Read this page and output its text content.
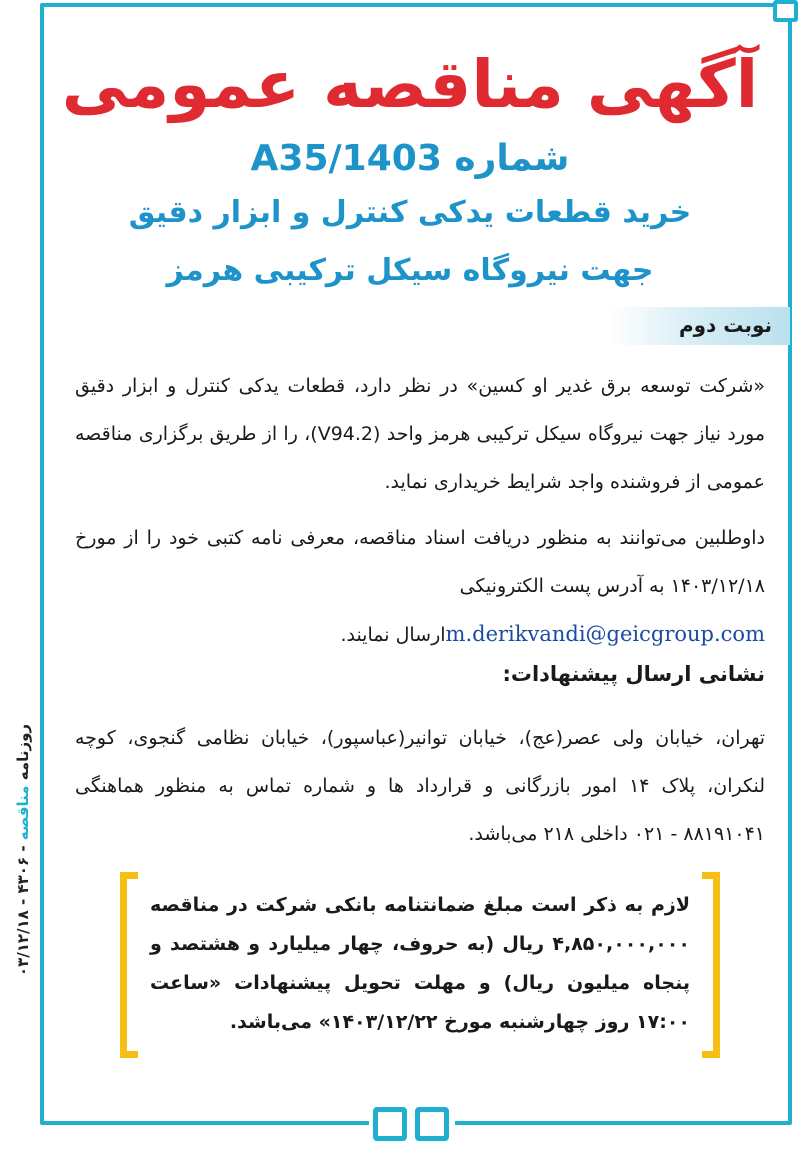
آگهی مناقصه عمومی
شماره 1403/A35
خرید قطعات یدکی کنترل و ابزار دقیق
جهت نیروگاه سیکل ترکیبی هرمز
نوبت دوم
«شرکت توسعه برق غدیر او کسین» در نظر دارد، قطعات یدکی کنترل و ابزار دقیق مورد نیاز جهت نیروگاه سیکل ترکیبی هرمز واحد (V94.2)، را از طریق برگزاری مناقصه عمومی از فروشنده واجد شرایط خریداری نماید.
داوطلبین می‌توانند به منظور دریافت اسناد مناقصه، معرفی نامه کتبی خود را از مورخ ۱۴۰۳/۱۲/۱۸ به آدرس پست الکترونیکی
m.derikvandi@geicgroup.comارسال نمایند.
نشانی ارسال پیشنهادات:
تهران، خیابان ولی عصر(عج)، خیابان توانیر(عباسپور)، خیابان نظامی گنجوی، کوچه لنکران، پلاک ۱۴ امور بازرگانی و قرارداد ها و شماره تماس به منظور هماهنگی ۸۸۱۹۱۰۴۱ - ۰۲۱ داخلی ۲۱۸ می‌باشد.
لازم به ذکر است مبلغ ضمانتنامه بانکی شرکت در مناقصه ۴,۸۵۰,۰۰۰,۰۰۰ ریال (به حروف، چهار میلیارد و هشتصد و پنجاه میلیون ریال) و مهلت تحویل پیشنهادات «ساعت ۱۷:۰۰ روز چهارشنبه مورخ ۱۴۰۳/۱۲/۲۲» می‌باشد.
روزنامه مناقصه - ۴۳۰۶ - ۰۳/۱۲/۱۸
